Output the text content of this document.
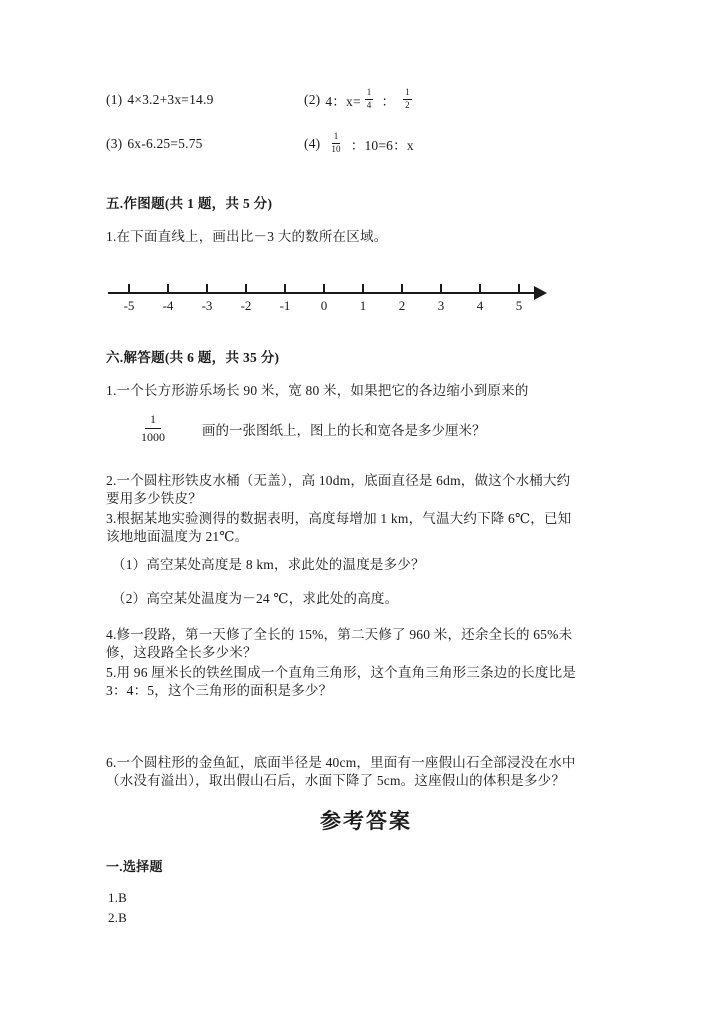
(1) 4×3.2+3x=14.9	(2) 4：$x= \frac{1}{4}$ ： $\frac{1}{2}$
(3) 6x-6.25=5.75	$(4) \frac{1}{10}$ ：10=6：x
五.作图题(共 1 题，共 5 分)
1.在下面直线上，画出比－3 大的数所在区域。
-5 -4 -3 -2 -1 0	1	2	3	4	5
六.解答题(共 6 题，共 35 分)
1.一个长方形游乐场长 90 米，宽 80 米，如果把它的各边缩小到原来的
$\frac{1}{1000}$ 画的一张图纸上，图上的长和宽各是多少厘米？
2.一个圆柱形铁皮水桶（无盖），高 10dm，底面直径是 6dm，做这个水桶大约
要用多少铁皮？
3.根据某地实验测得的数据表明，高度每增加 1 km，气温大约下降 6℃，已知
该地地面温度为 21℃。
（1）高空某处高度是 8 km，求此处的温度是多少？
（2）高空某处温度为－24 ℃，求此处的高度。
4.修一段路，第一天修了全长的 15%，第二天修了 960 米，还余全长的 65%未
修，这段路全长多少米？
5.用 96 厘米长的铁丝围成一个直角三角形，这个直角三角形三条边的长度比是
3：4：5，这个三角形的面积是多少？
6.一个圆柱形的金鱼缸，底面半径是 40cm，里面有一座假山石全部浸没在水中
（水没有溢出），取出假山石后，水面下降了 5cm。这座假山的体积是多少？
参考答案
一.选择题
1.B
2.B
